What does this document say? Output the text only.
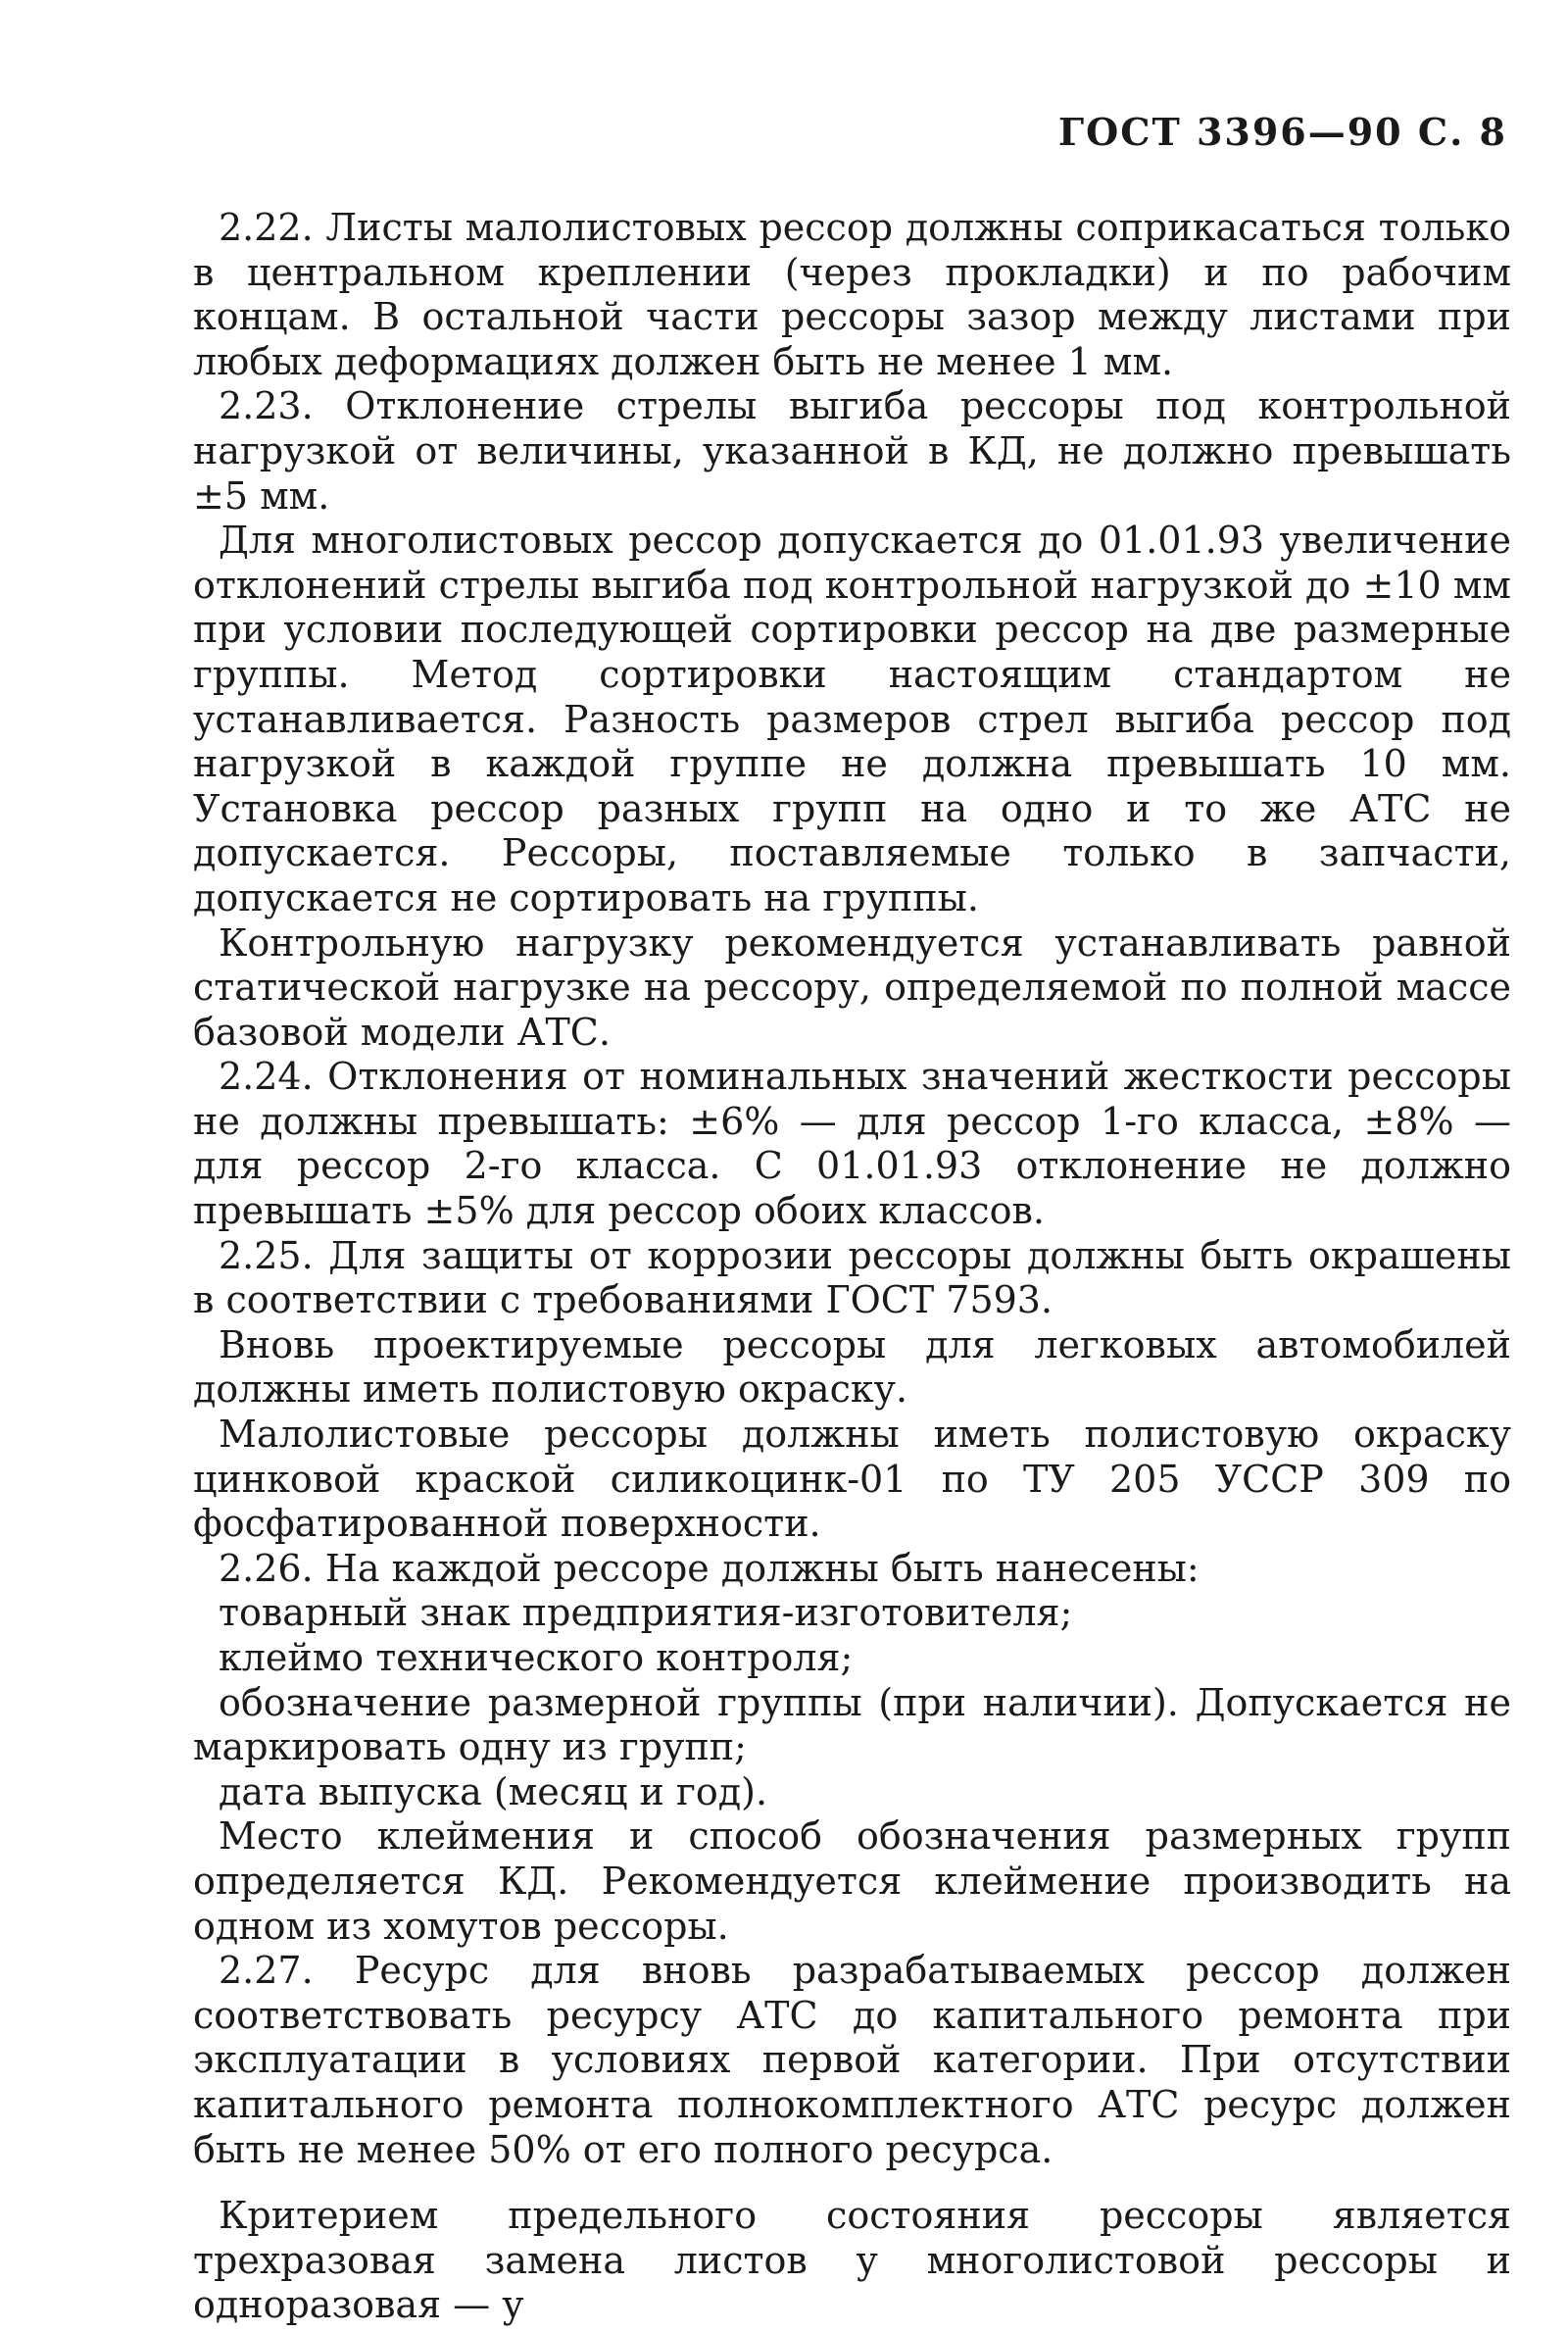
ГОСТ 3396—90 С. 8

2.22. Листы малолистовых рессор должны соприкасаться только в центральном креплении (через прокладки) и по рабочим концам. В остальной части рессоры зазор между листами при любых деформациях должен быть не менее 1 мм.

2.23. Отклонение стрелы выгиба рессоры под контрольной нагрузкой от величины, указанной в КД, не должно превышать ±5 мм.

Для многолистовых рессор допускается до 01.01.93 увеличение отклонений стрелы выгиба под контрольной нагрузкой до ±10 мм при условии последующей сортировки рессор на две размерные группы. Метод сортировки настоящим стандартом не устанавливается. Разность размеров стрел выгиба рессор под нагрузкой в каждой группе не должна превышать 10 мм. Установка рессор разных групп на одно и то же АТС не допускается. Рессоры, поставляемые только в запчасти, допускается не сортировать на группы.

Контрольную нагрузку рекомендуется устанавливать равной статической нагрузке на рессору, определяемой по полной массе базовой модели АТС.

2.24. Отклонения от номинальных значений жесткости рессоры не должны превышать: ±6% — для рессор 1-го класса, ±8% — для рессор 2-го класса. С 01.01.93 отклонение не должно превышать ±5% для рессор обоих классов.

2.25. Для защиты от коррозии рессоры должны быть окрашены в соответствии с требованиями ГОСТ 7593.

Вновь проектируемые рессоры для легковых автомобилей должны иметь полистовую окраску.

Малолистовые рессоры должны иметь полистовую окраску цинковой краской силикоцинк-01 по ТУ 205 УССР 309 по фосфатированной поверхности.

2.26. На каждой рессоре должны быть нанесены:

товарный знак предприятия-изготовителя;

клеймо технического контроля;

обозначение размерной группы (при наличии). Допускается не маркировать одну из групп;

дата выпуска (месяц и год).

Место клеймения и способ обозначения размерных групп определяется КД. Рекомендуется клеймение производить на одном из хомутов рессоры.

2.27. Ресурс для вновь разрабатываемых рессор должен соответствовать ресурсу АТС до капитального ремонта при эксплуатации в условиях первой категории. При отсутствии капитального ремонта полнокомплектного АТС ресурс должен быть не менее 50% от его полного ресурса.

Критерием предельного состояния рессоры является трехразовая замена листов у многолистовой рессоры и одноразовая — у
